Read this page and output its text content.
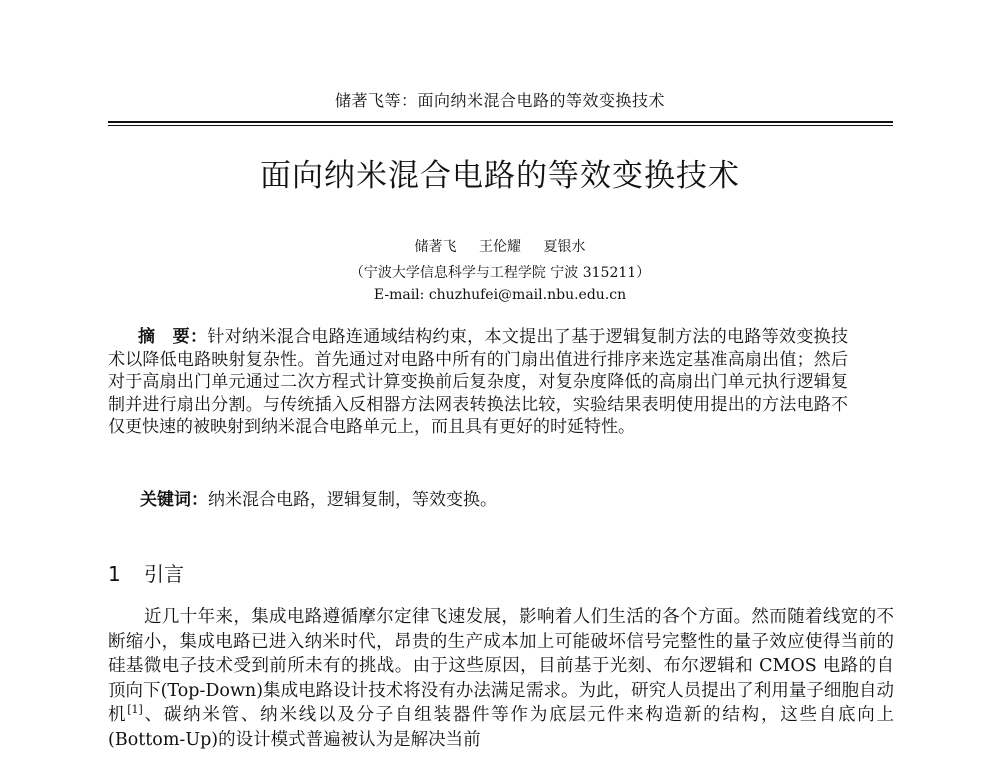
储著飞等：面向纳米混合电路的等效变换技术
面向纳米混合电路的等效变换技术
储著飞 王伦耀 夏银水
（宁波大学信息科学与工程学院 宁波 315211）
E-mail: chuzhufei@mail.nbu.edu.cn

摘　要：针对纳米混合电路连通域结构约束，本文提出了基于逻辑复制方法的电路等效变换技术以降低电路映射复杂性。首先通过对电路中所有的门扇出值进行排序来选定基准高扇出值；然后对于高扇出门单元通过二次方程式计算变换前后复杂度，对复杂度降低的高扇出门单元执行逻辑复制并进行扇出分割。与传统插入反相器方法网表转换法比较，实验结果表明使用提出的方法电路不仅更快速的被映射到纳米混合电路单元上，而且具有更好的时延特性。

关键词：纳米混合电路，逻辑复制，等效变换。

1 引言

近几十年来，集成电路遵循摩尔定律飞速发展，影响着人们生活的各个方面。然而随着线宽的不断缩小，集成电路已进入纳米时代，昂贵的生产成本加上可能破坏信号完整性的量子效应使得当前的硅基微电子技术受到前所未有的挑战。由于这些原因，目前基于光刻、布尔逻辑和 CMOS 电路的自顶向下(Top-Down)集成电路设计技术将没有办法满足需求。为此，研究人员提出了利用量子细胞自动机[1]、碳纳米管、纳米线以及分子自组装器件等作为底层元件来构造新的结构，这些自底向上(Bottom-Up)的设计模式普遍被认为是解决当前
